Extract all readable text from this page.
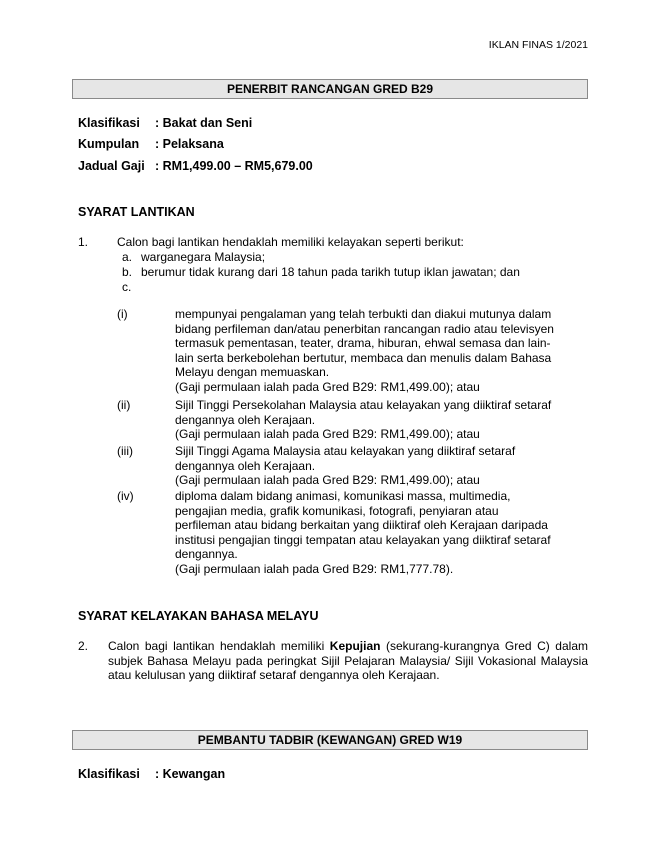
IKLAN FINAS 1/2021
PENERBIT RANCANGAN GRED B29
Klasifikasi : Bakat dan Seni
Kumpulan : Pelaksana
Jadual Gaji : RM1,499.00 – RM5,679.00
SYARAT LANTIKAN
1. Calon bagi lantikan hendaklah memiliki kelayakan seperti berikut:
a. warganegara Malaysia;
b. berumur tidak kurang dari 18 tahun pada tarikh tutup iklan jawatan; dan
c.
(i)	mempunyai pengalaman yang telah terbukti dan diakui mutunya dalam
bidang perfileman dan/atau penerbitan rancangan radio atau televisyen
termasuk pementasan, teater, drama, hiburan, ehwal semasa dan lain-
lain serta berkebolehan bertutur, membaca dan menulis dalam Bahasa
Melayu dengan memuaskan.
(Gaji permulaan ialah pada Gred B29: RM1,499.00); atau
(ii)	Sijil Tinggi Persekolahan Malaysia atau kelayakan yang diiktiraf setaraf
dengannya oleh Kerajaan.
(Gaji permulaan ialah pada Gred B29: RM1,499.00); atau
(iii)	Sijil Tinggi Agama Malaysia atau kelayakan yang diiktiraf setaraf
dengannya oleh Kerajaan.
(Gaji permulaan ialah pada Gred B29: RM1,499.00); atau
(iv)	diploma dalam bidang animasi, komunikasi massa, multimedia,
pengajian media, grafik komunikasi, fotografi, penyiaran atau
perfileman atau bidang berkaitan yang diiktiraf oleh Kerajaan daripada
institusi pengajian tinggi tempatan atau kelayakan yang diiktiraf setaraf
dengannya.
(Gaji permulaan ialah pada Gred B29: RM1,777.78).
SYARAT KELAYAKAN BAHASA MELAYU
2. Calon bagi lantikan hendaklah memiliki Kepujian (sekurang-kurangnya Gred C) dalam subjek Bahasa Melayu pada peringkat Sijil Pelajaran Malaysia/ Sijil Vokasional Malaysia atau kelulusan yang diiktiraf setaraf dengannya oleh Kerajaan.
PEMBANTU TADBIR (KEWANGAN) GRED W19
Klasifikasi : Kewangan
